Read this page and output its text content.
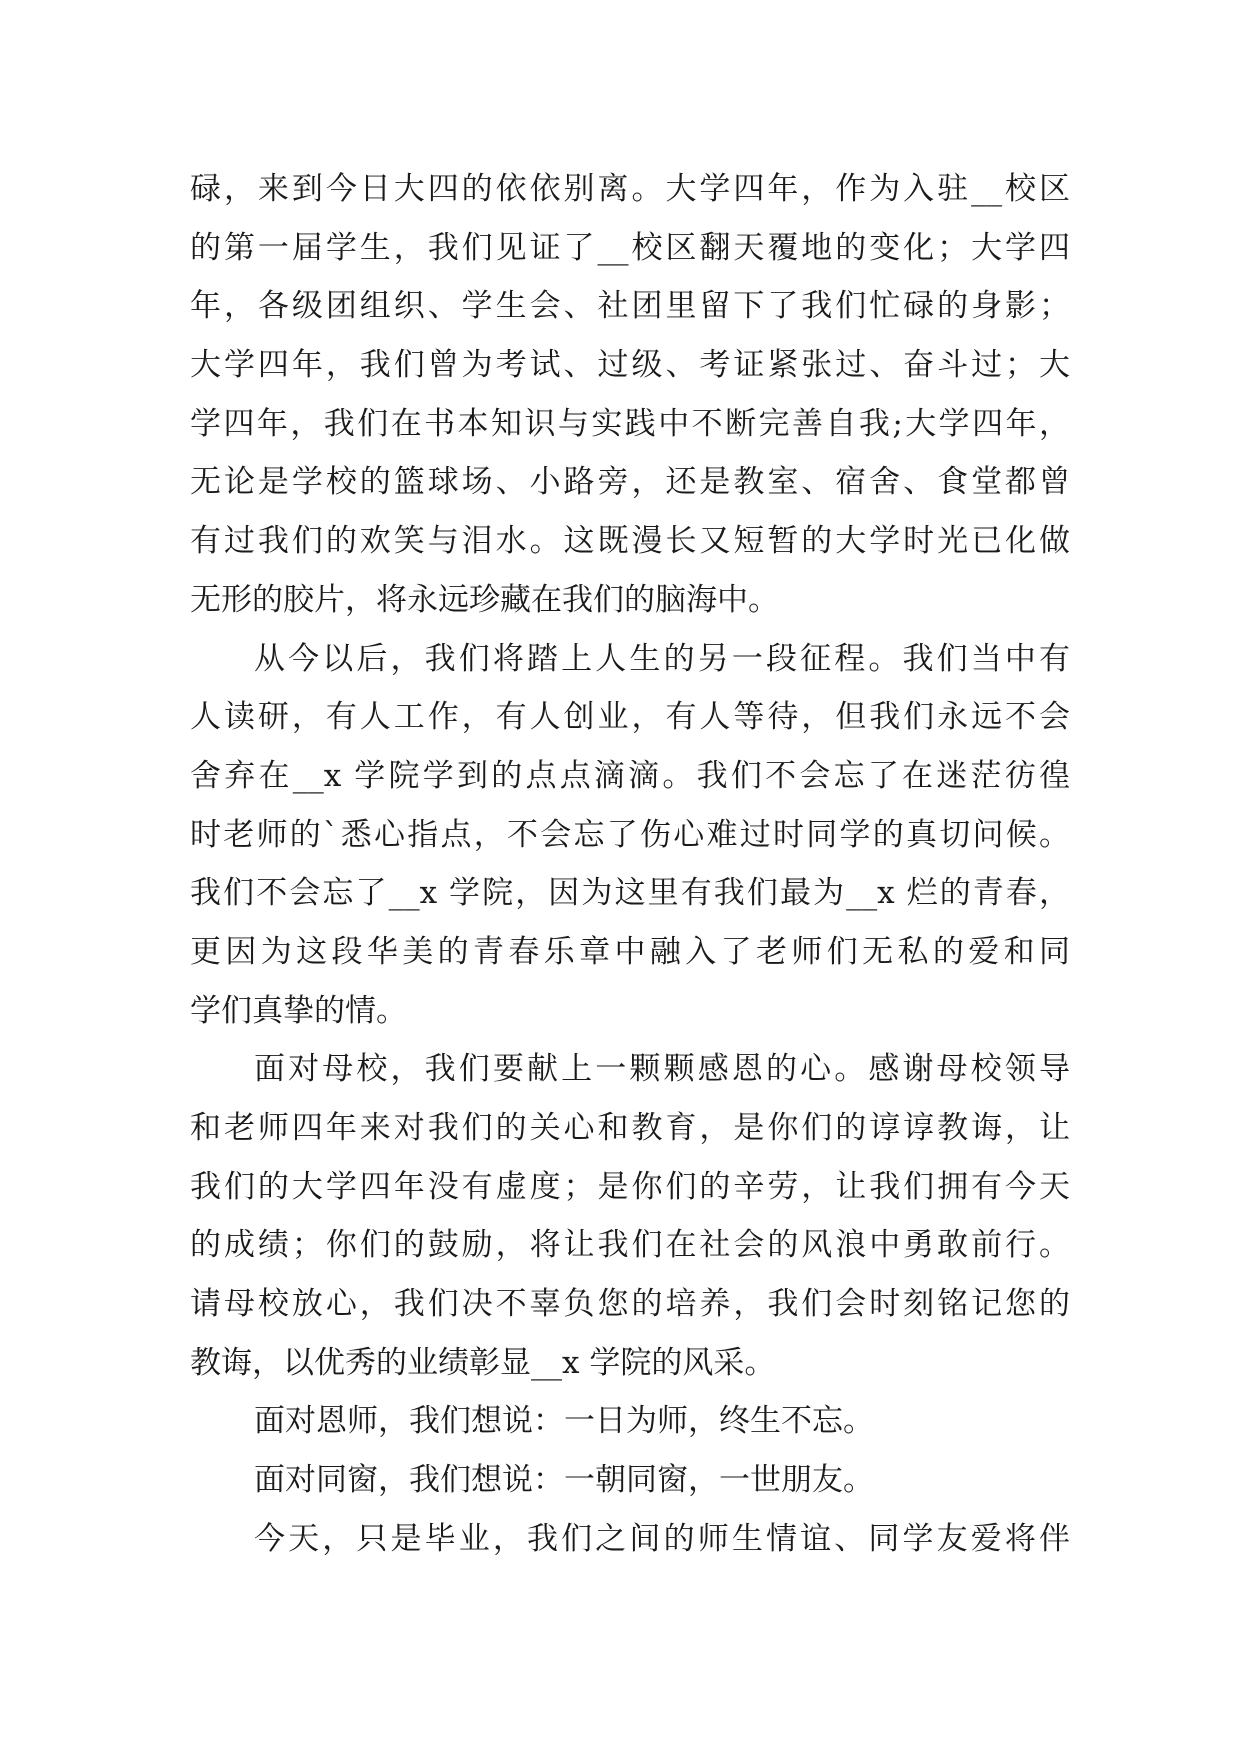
碌，来到今日大四的依依别离。大学四年，作为入驻__校区
的第一届学生，我们见证了__校区翻天覆地的变化；大学四
年，各级团组织、学生会、社团里留下了我们忙碌的身影；
大学四年，我们曾为考试、过级、考证紧张过、奋斗过；大
学四年，我们在书本知识与实践中不断完善自我;大学四年，
无论是学校的篮球场、小路旁，还是教室、宿舍、食堂都曾
有过我们的欢笑与泪水。这既漫长又短暂的大学时光已化做
无形的胶片，将永远珍藏在我们的脑海中。
从今以后，我们将踏上人生的另一段征程。我们当中有
人读研，有人工作，有人创业，有人等待，但我们永远不会
舍弃在__x 学院学到的点点滴滴。我们不会忘了在迷茫彷徨
时老师的`悉心指点，不会忘了伤心难过时同学的真切问候。
我们不会忘了__x 学院，因为这里有我们最为__x 烂的青春，
更因为这段华美的青春乐章中融入了老师们无私的爱和同
学们真挚的情。
面对母校，我们要献上一颗颗感恩的心。感谢母校领导
和老师四年来对我们的关心和教育，是你们的谆谆教诲，让
我们的大学四年没有虚度；是你们的辛劳，让我们拥有今天
的成绩；你们的鼓励，将让我们在社会的风浪中勇敢前行。
请母校放心，我们决不辜负您的培养，我们会时刻铭记您的
教诲，以优秀的业绩彰显__x 学院的风采。
面对恩师，我们想说：一日为师，终生不忘。
面对同窗，我们想说：一朝同窗，一世朋友。
今天，只是毕业，我们之间的师生情谊、同学友爱将伴
